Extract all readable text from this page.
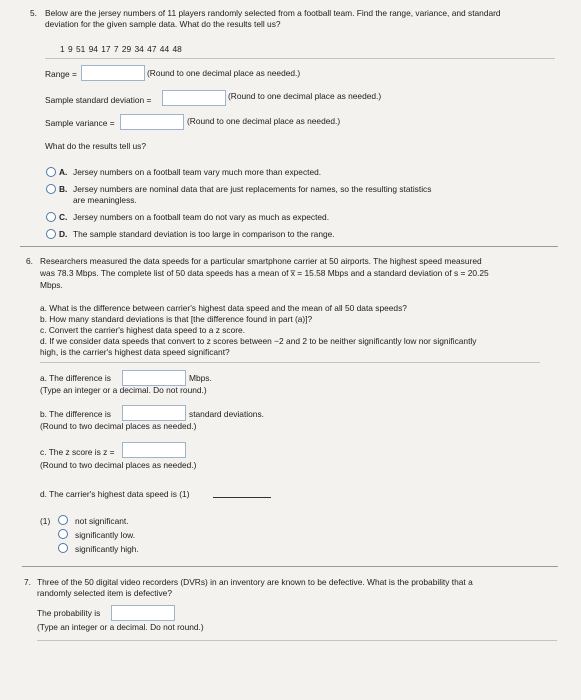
5. Below are the jersey numbers of 11 players randomly selected from a football team. Find the range, variance, and standard
deviation for the given sample data. What do the results tell us?
1 9 51 94 17 7 29 34 47 44 48
Range =	(Round to one decimal place as needed.)
Sample standard deviation =	(Round to one decimal place as needed.)
Sample variance =	(Round to one decimal place as needed.)
What do the results tell us?
A. Jersey numbers on a football team vary much more than expected.
B. Jersey numbers are nominal data that are just replacements for names, so the resulting statistics
are meaningless.
C. Jersey numbers on a football team do not vary as much as expected.
D. The sample standard deviation is too large in comparison to the range.
6. Researchers measured the data speeds for a particular smartphone carrier at 50 airports. The highest speed measured
was 78.3 Mbps. The complete list of 50 data speeds has a mean of x̅ = 15.58 Mbps and a standard deviation of s = 20.25
Mbps.
a. What is the difference between carrier's highest data speed and the mean of all 50 data speeds?
b. How many standard deviations is that [the difference found in part (a)]?
c. Convert the carrier's highest data speed to a z score.
d. If we consider data speeds that convert to z scores between −2 and 2 to be neither significantly low nor significantly
high, is the carrier's highest data speed significant?
a. The difference is	Mbps.
(Type an integer or a decimal. Do not round.)
b. The difference is	standard deviations.
(Round to two decimal places as needed.)
c. The z score is z =
(Round to two decimal places as needed.)
d. The carrier's highest data speed is (1)
(1)	not significant.
significantly low.
significantly high.
7. Three of the 50 digital video recorders (DVRs) in an inventory are known to be defective. What is the probability that a
randomly selected item is defective?
The probability is
(Type an integer or a decimal. Do not round.)
